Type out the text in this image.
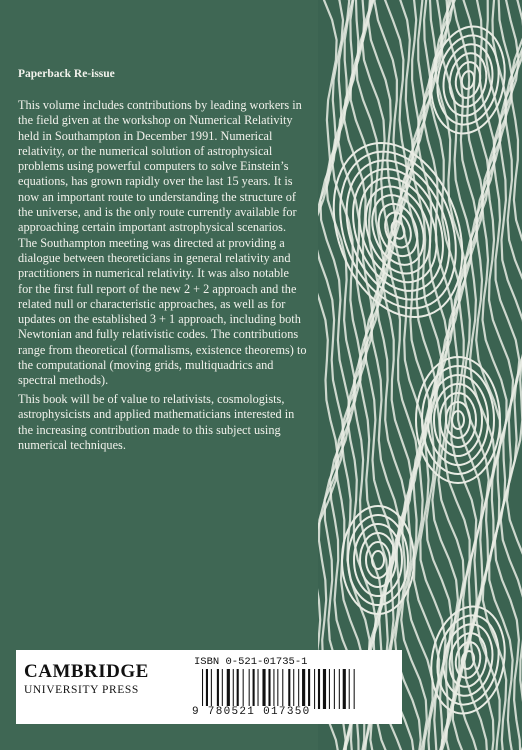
Paperback Re-issue
This volume includes contributions by leading workers in
the field given at the workshop on Numerical Relativity
held in Southampton in December 1991. Numerical
relativity, or the numerical solution of astrophysical
problems using powerful computers to solve Einstein’s
equations, has grown rapidly over the last 15 years. It is
now an important route to understanding the structure of
the universe, and is the only route currently available for
approaching certain important astrophysical scenarios.
The Southampton meeting was directed at providing a
dialogue between theoreticians in general relativity and
practitioners in numerical relativity. It was also notable
for the first full report of the new 2 + 2 approach and the
related null or characteristic approaches, as well as for
updates on the established 3 + 1 approach, including both
Newtonian and fully relativistic codes. The contributions
range from theoretical (formalisms, existence theorems) to
the computational (moving grids, multiquadrics and
spectral methods).
This book will be of value to relativists, cosmologists,
astrophysicists and applied mathematicians interested in
the increasing contribution made to this subject using
numerical techniques.
CAMBRIDGE
UNIVERSITY PRESS
ISBN 0-521-01735-1
9 780521 017350
